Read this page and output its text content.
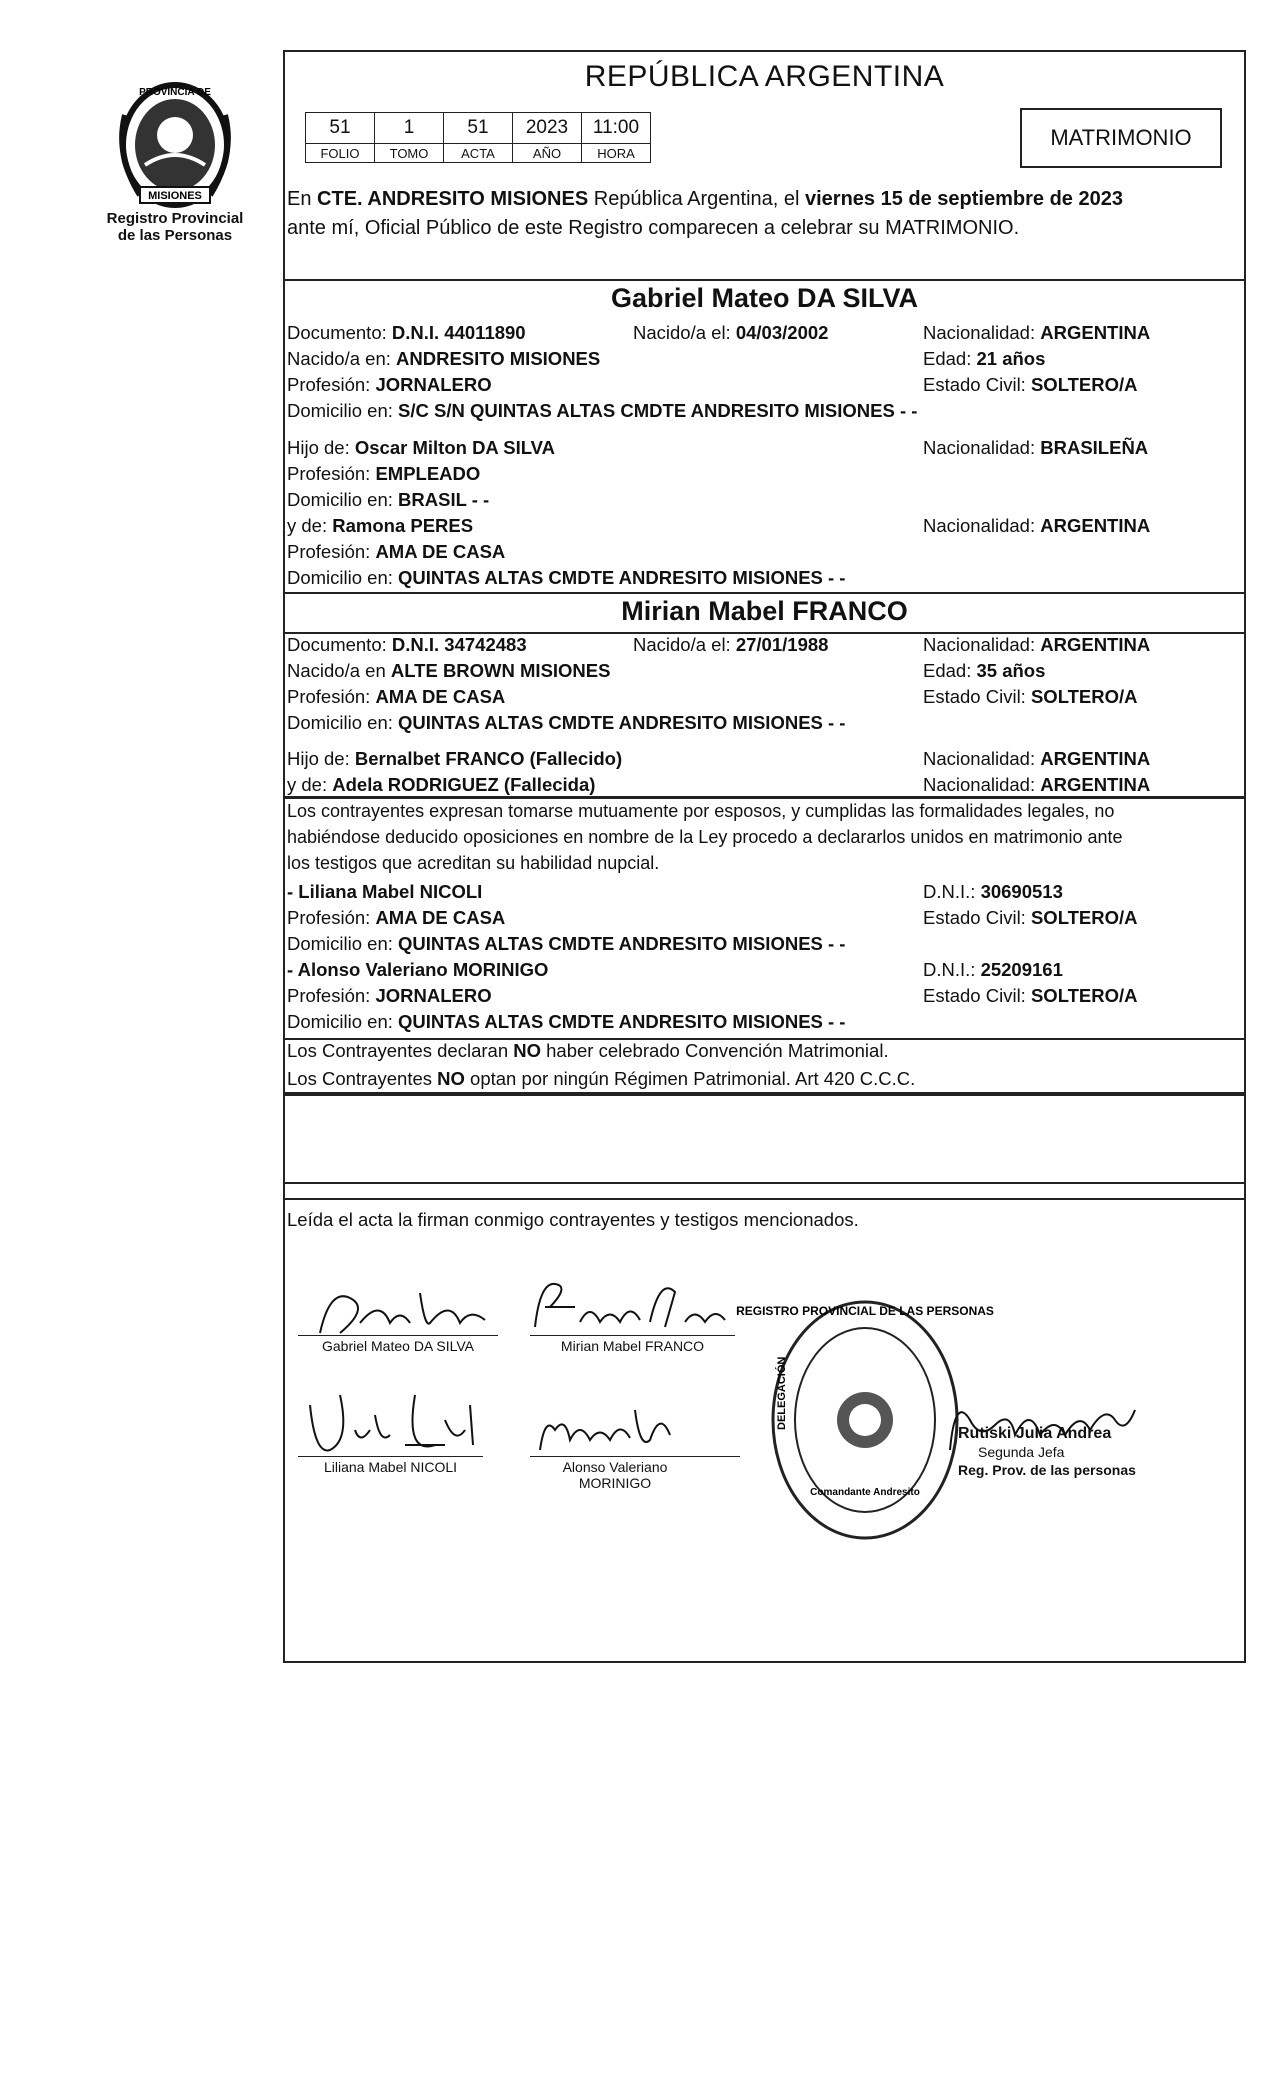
MISIONES
PROVINCIA DE
Registro Provincial
de las Personas
REPÚBLICA ARGENTINA
51	1	51	2023	11:00
FOLIO	TOMO	ACTA	AÑO	HORA
MATRIMONIO
En CTE. ANDRESITO MISIONES República Argentina, el viernes 15 de septiembre de 2023
ante mí, Oficial Público de este Registro comparecen a celebrar su MATRIMONIO.
Gabriel Mateo DA SILVA
Documento: D.N.I. 44011890	Nacido/a el: 04/03/2002	Nacionalidad: ARGENTINA
Nacido/a en: ANDRESITO MISIONES	Edad: 21 años
Profesión: JORNALERO	Estado Civil: SOLTERO/A
Domicilio en: S/C S/N QUINTAS ALTAS CMDTE ANDRESITO MISIONES - -
Hijo de: Oscar Milton DA SILVA	Nacionalidad: BRASILEÑA
Profesión: EMPLEADO
Domicilio en: BRASIL - -
y de: Ramona PERES	Nacionalidad: ARGENTINA
Profesión: AMA DE CASA
Domicilio en: QUINTAS ALTAS CMDTE ANDRESITO MISIONES - -
Mirian Mabel FRANCO
Documento: D.N.I. 34742483	Nacido/a el: 27/01/1988	Nacionalidad: ARGENTINA
Nacido/a en ALTE BROWN MISIONES	Edad: 35 años
Profesión: AMA DE CASA	Estado Civil: SOLTERO/A
Domicilio en: QUINTAS ALTAS CMDTE ANDRESITO MISIONES - -
Hijo de: Bernalbet FRANCO (Fallecido)	Nacionalidad: ARGENTINA
y de: Adela RODRIGUEZ (Fallecida)	Nacionalidad: ARGENTINA
Los contrayentes expresan tomarse mutuamente por esposos, y cumplidas las formalidades legales, no
habiéndose deducido oposiciones en nombre de la Ley procedo a declararlos unidos en matrimonio ante
los testigos que acreditan su habilidad nupcial.
- Liliana Mabel NICOLI	D.N.I.: 30690513
Profesión: AMA DE CASA	Estado Civil: SOLTERO/A
Domicilio en: QUINTAS ALTAS CMDTE ANDRESITO MISIONES - -
- Alonso Valeriano MORINIGO	D.N.I.: 25209161
Profesión: JORNALERO	Estado Civil: SOLTERO/A
Domicilio en: QUINTAS ALTAS CMDTE ANDRESITO MISIONES - -
Los Contrayentes declaran NO haber celebrado Convención Matrimonial.
Los Contrayentes NO optan por ningún Régimen Patrimonial. Art 420 C.C.C.
Leída el acta la firman conmigo contrayentes y testigos mencionados.
Gabriel Mateo DA SILVA	Mirian Mabel FRANCO
Liliana Mabel NICOLI	Alonso Valeriano
MORINIGO
REGISTRO PROVINCIAL DE LAS PERSONAS
DELEGACIÓN
Comandante Andresito
Rutiski Julia Andrea
Segunda Jefa
Reg. Prov. de las personas
